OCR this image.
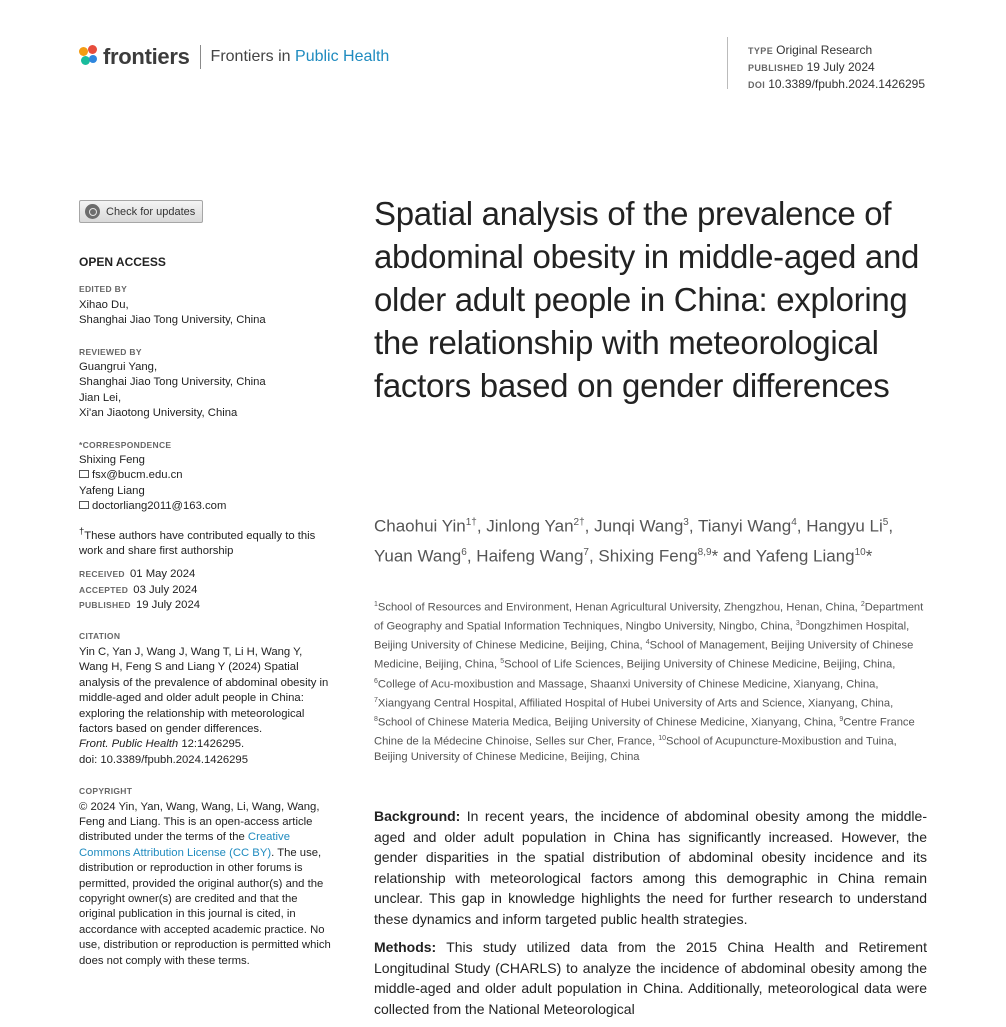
frontiers Frontiers in Public Health	TYPE Original Research
PUBLISHED 19 July 2024
DOI 10.3389/fpubh.2024.1426295
Check for updates
OPEN ACCESS
EDITED BY
Xihao Du,
Shanghai Jiao Tong University, China
REVIEWED BY
Guangrui Yang,
Shanghai Jiao Tong University, China
Jian Lei,
Xi'an Jiaotong University, China
*CORRESPONDENCE
Shixing Feng
fsx@bucm.edu.cn
Yafeng Liang
doctorliang2011@163.com
†These authors have contributed equally to this work and share first authorship
RECEIVED 01 May 2024
ACCEPTED 03 July 2024
PUBLISHED 19 July 2024
CITATION
Yin C, Yan J, Wang J, Wang T, Li H, Wang Y, Wang H, Feng S and Liang Y (2024) Spatial analysis of the prevalence of abdominal obesity in middle-aged and older adult people in China: exploring the relationship with meteorological factors based on gender differences.
Front. Public Health 12:1426295.
doi: 10.3389/fpubh.2024.1426295
COPYRIGHT
© 2024 Yin, Yan, Wang, Wang, Li, Wang, Wang, Feng and Liang. This is an open-access article distributed under the terms of the Creative Commons Attribution License (CC BY). The use, distribution or reproduction in other forums is permitted, provided the original author(s) and the copyright owner(s) are credited and that the original publication in this journal is cited, in accordance with accepted academic practice. No use, distribution or reproduction is permitted which does not comply with these terms.
Spatial analysis of the prevalence of abdominal obesity in middle-aged and older adult people in China: exploring the relationship with meteorological factors based on gender differences
Chaohui Yin$^{1\dagger}$, Jinlong Yan$^{2\dagger}$, Junqi Wang$^3$, Tianyi Wang$^4$, Hangyu Li$^5$, Yuan Wang$^6$, Haifeng Wang$^7$, Shixing Feng$^{8,9}$* and Yafeng Liang$^{10}$*
$^1$School of Resources and Environment, Henan Agricultural University, Zhengzhou, Henan, China, $^2$Department of Geography and Spatial Information Techniques, Ningbo University, Ningbo, China, $^3$Dongzhimen Hospital, Beijing University of Chinese Medicine, Beijing, China, $^4$School of Management, Beijing University of Chinese Medicine, Beijing, China, $^5$School of Life Sciences, Beijing University of Chinese Medicine, Beijing, China, $^6$College of Acu-moxibustion and Massage, Shaanxi University of Chinese Medicine, Xianyang, China, $^7$Xiangyang Central Hospital, Affiliated Hospital of Hubei University of Arts and Science, Xianyang, China, $^8$School of Chinese Materia Medica, Beijing University of Chinese Medicine, Xianyang, China, $^9$Centre France Chine de la Médecine Chinoise, Selles sur Cher, France, $^{10}$School of Acupuncture-Moxibustion and Tuina, Beijing University of Chinese Medicine, Beijing, China

Background: In recent years, the incidence of abdominal obesity among the middle-aged and older adult population in China has significantly increased. However, the gender disparities in the spatial distribution of abdominal obesity incidence and its relationship with meteorological factors among this demographic in China remain unclear. This gap in knowledge highlights the need for further research to understand these dynamics and inform targeted public health strategies.

Methods: This study utilized data from the 2015 China Health and Retirement Longitudinal Study (CHARLS) to analyze the incidence of abdominal obesity among the middle-aged and older adult population in China. Additionally, meteorological data were collected from the National Meteorological
